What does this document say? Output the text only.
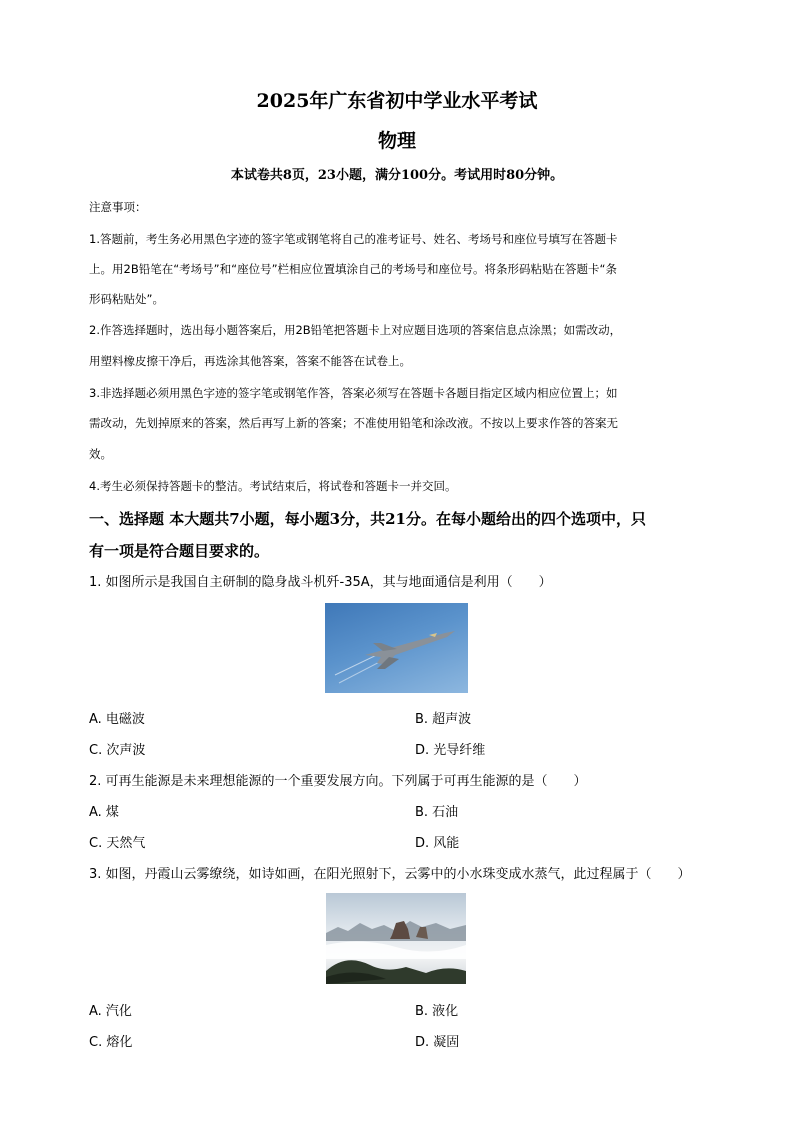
2025年广东省初中学业水平考试
物理
本试卷共8页，23小题，满分100分。考试用时80分钟。
注意事项：
1.答题前，考生务必用黑色字迹的签字笔或钢笔将自己的准考证号、姓名、考场号和座位号填写在答题卡
上。用2B铅笔在“考场号”和“座位号”栏相应位置填涂自己的考场号和座位号。将条形码粘贴在答题卡“条
形码粘贴处”。
2.作答选择题时，选出每小题答案后，用2B铅笔把答题卡上对应题目选项的答案信息点涂黑；如需改动，
用塑料橡皮擦干净后，再选涂其他答案，答案不能答在试卷上。
3.非选择题必须用黑色字迹的签字笔或钢笔作答，答案必须写在答题卡各题目指定区域内相应位置上；如
需改动，先划掉原来的答案，然后再写上新的答案；不准使用铅笔和涂改液。不按以上要求作答的答案无
效。
4.考生必须保持答题卡的整洁。考试结束后，将试卷和答题卡一并交回。
一、选择题 本大题共7小题，每小题3分，共21分。在每小题给出的四个选项中，只
有一项是符合题目要求的。
1. 如图所示是我国自主研制的隐身战斗机歼-35A，其与地面通信是利用（　　）
A. 电磁波	B. 超声波
C. 次声波	D. 光导纤维
2. 可再生能源是未来理想能源的一个重要发展方向。下列属于可再生能源的是（　　）
A. 煤	B. 石油
C. 天然气	D. 风能
3. 如图，丹霞山云雾缭绕，如诗如画，在阳光照射下，云雾中的小水珠变成水蒸气，此过程属于（　　）
A. 汽化	B. 液化
C. 熔化	D. 凝固
